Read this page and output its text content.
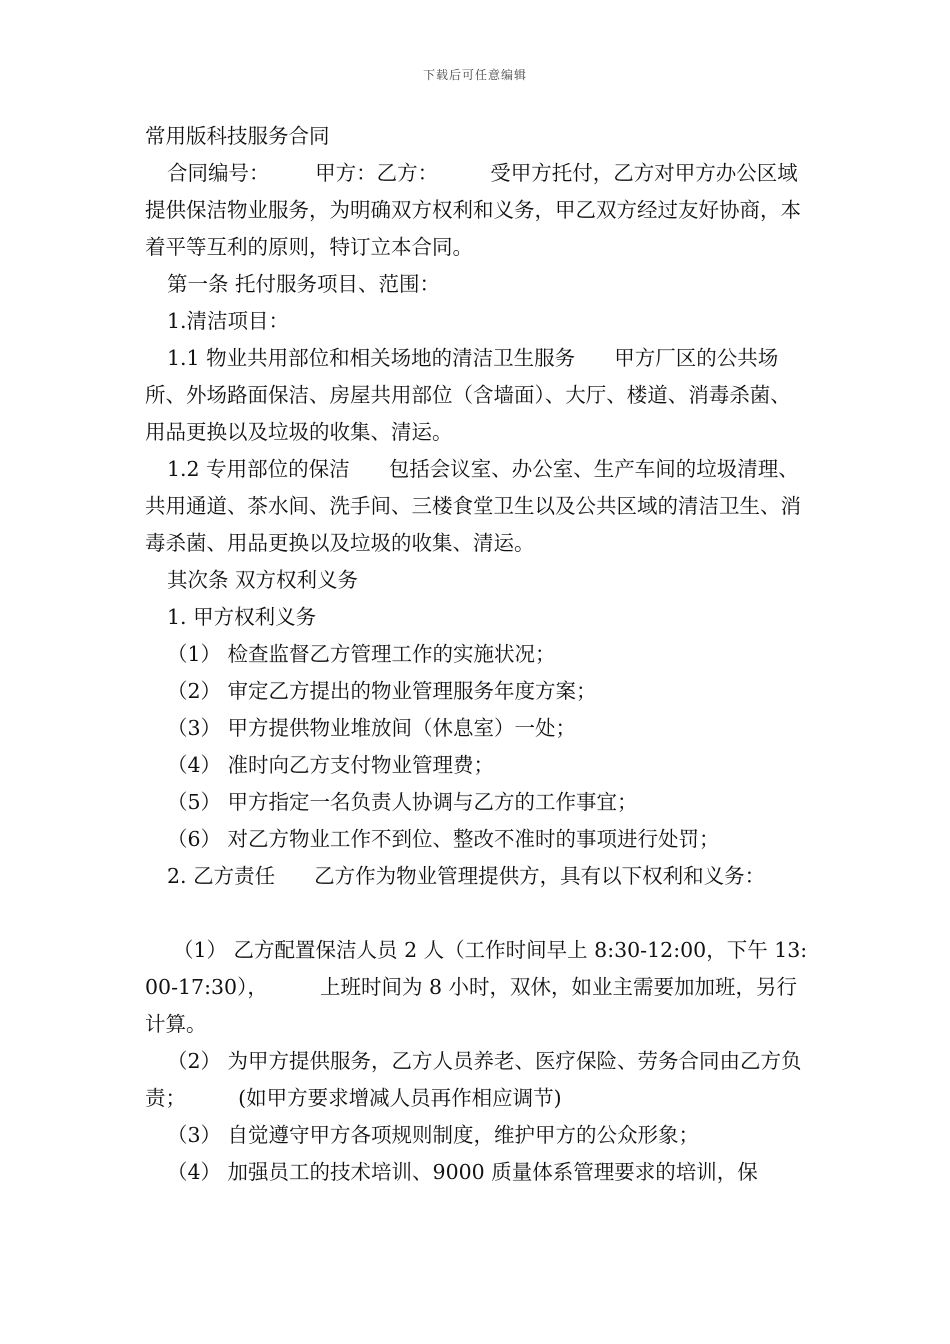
下载后可任意编辑

常用版科技服务合同

合同编号：       甲方：乙方：        受甲方托付，乙方对甲方办公区域提供保洁物业服务，为明确双方权利和义务，甲乙双方经过友好协商，本着平等互利的原则，特订立本合同。

第一条 托付服务项目、范围：

1.清洁项目：

1.1 物业共用部位和相关场地的清洁卫生服务      甲方厂区的公共场所、外场路面保洁、房屋共用部位（含墙面）、大厅、楼道、消毒杀菌、用品更换以及垃圾的收集、清运。

1.2 专用部位的保洁      包括会议室、办公室、生产车间的垃圾清理、共用通道、茶水间、洗手间、三楼食堂卫生以及公共区域的清洁卫生、消毒杀菌、用品更换以及垃圾的收集、清运。

其次条 双方权利义务

1. 甲方权利义务

（1） 检查监督乙方管理工作的实施状况；

（2） 审定乙方提出的物业管理服务年度方案；

（3） 甲方提供物业堆放间（休息室）一处；

（4） 准时向乙方支付物业管理费；

（5） 甲方指定一名负责人协调与乙方的工作事宜；

（6） 对乙方物业工作不到位、整改不准时的事项进行处罚；

2. 乙方责任      乙方作为物业管理提供方，具有以下权利和义务：

（1） 乙方配置保洁人员 2 人（工作时间早上 8:30-12:00，下午 13:00-17:30），        上班时间为 8 小时，双休，如业主需要加加班，另行计算。

（2） 为甲方提供服务，乙方人员养老、医疗保险、劳务合同由乙方负责；        (如甲方要求增减人员再作相应调节)

（3） 自觉遵守甲方各项规则制度，维护甲方的公众形象；

（4） 加强员工的技术培训、9000 质量体系管理要求的培训，保
